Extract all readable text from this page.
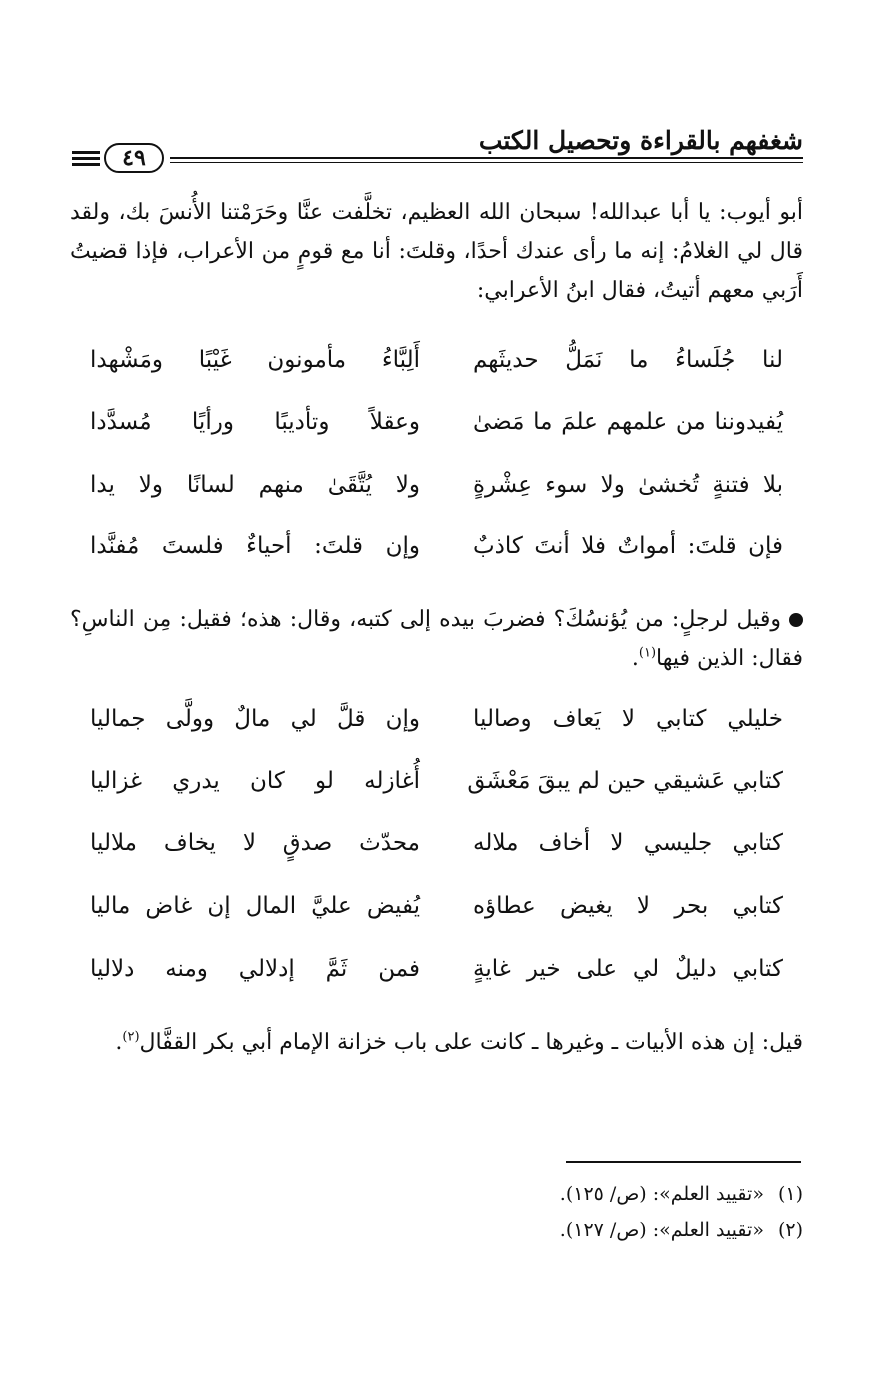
شغفهم بالقراءة وتحصيل الكتب
٤٩
أبو أيوب: يا أبا عبدالله! سبحان الله العظيم، تخلَّفت عنَّا وحَرَمْتنا الأُنسَ بك، ولقد قال لي الغلامُ: إنه ما رأى عندك أحدًا، وقلتَ: أنا مع قومٍ من الأعراب، فإذا قضيتُ أَرَبي معهم أتيتُ، فقال ابنُ الأعرابي:
لنا جُلَساءُ ما نَمَلُّ حديثَهم
أَلِبَّاءُ مأمونون غَيْبًا ومَشْهدا
يُفيدوننا من علمهم علمَ ما مَضىٰ
وعقلاً وتأديبًا ورأيًا مُسدَّدا
بلا فتنةٍ تُخشىٰ ولا سوء عِشْرةٍ
ولا يُتَّقَىٰ منهم لسانًا ولا يدا
فإن قلتَ: أمواتٌ فلا أنتَ كاذبٌ
وإن قلتَ: أحياءٌ فلستَ مُفنَّدا
وقيل لرجلٍ: من يُؤنسُكَ؟ فضربَ بيده إلى كتبه، وقال: هذه؛ فقيل: مِن الناسِ؟ فقال: الذين فيها$^{(١)}$.
خليلي كتابي لا يَعاف وصاليا
وإن قلَّ لي مالٌ وولَّى جماليا
كتابي عَشيقي حين لم يبقَ مَعْشَق
أُغازله لو كان يدري غزاليا
كتابي جليسي لا أخاف ملاله
محدّث صدقٍ لا يخاف ملاليا
كتابي بحر لا يغيض عطاؤه
يُفيض عليَّ المال إن غاض ماليا
كتابي دليلٌ لي على خير غايةٍ
فمن ثَمَّ إدلالي ومنه دلاليا
قيل: إن هذه الأبيات ـ وغيرها ـ كانت على باب خزانة الإمام أبي بكر القفَّال$^{(٢)}$.
(١)«تقييد العلم»: (ص/ ١٢٥).
(٢)«تقييد العلم»: (ص/ ١٢٧).
